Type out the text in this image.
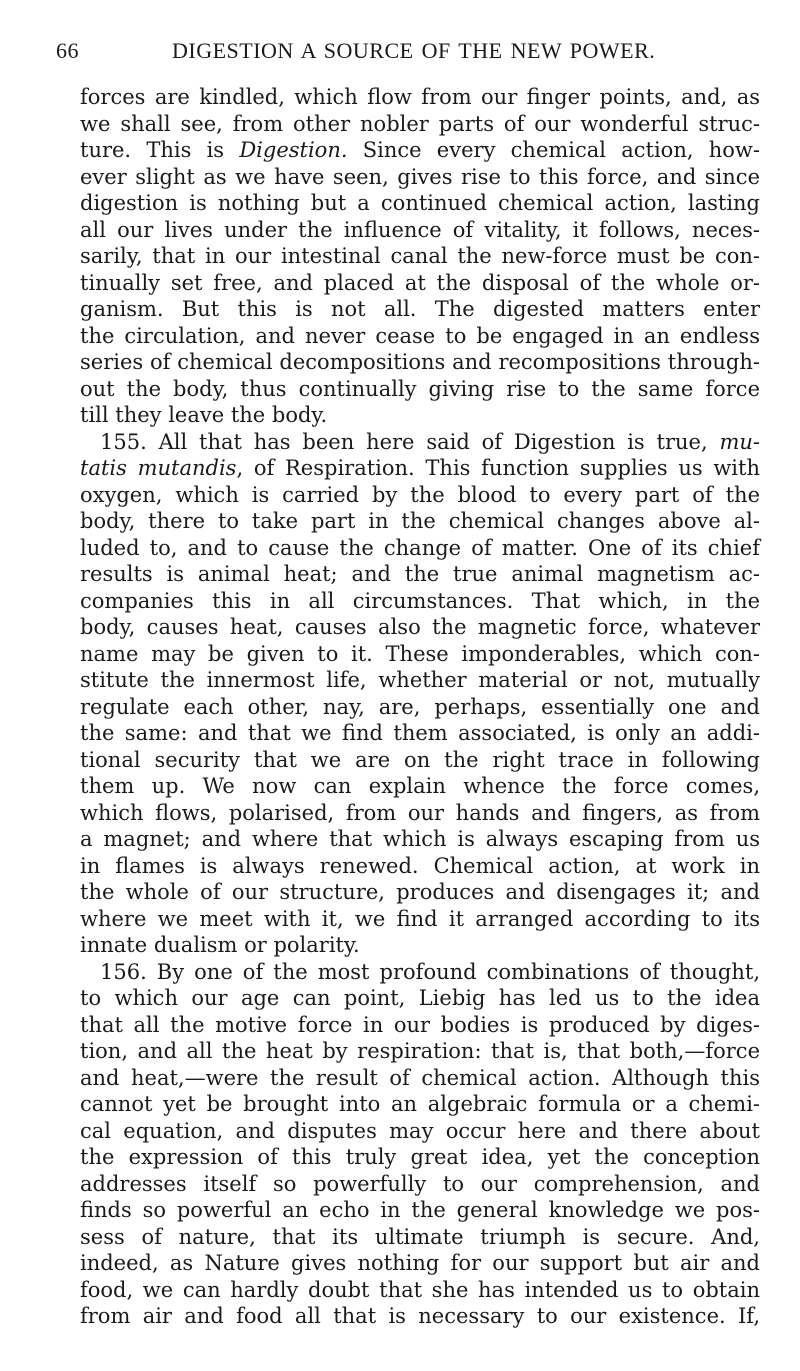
66	DIGESTION A SOURCE OF THE NEW POWER.
forces are kindled, which flow from our finger points, and, as
we shall see, from other nobler parts of our wonderful struc-
ture. This is Digestion. Since every chemical action, how-
ever slight as we have seen, gives rise to this force, and since
digestion is nothing but a continued chemical action, lasting
all our lives under the influence of vitality, it follows, neces-
sarily, that in our intestinal canal the new-force must be con-
tinually set free, and placed at the disposal of the whole or-
ganism. But this is not all. The digested matters enter
the circulation, and never cease to be engaged in an endless
series of chemical decompositions and recompositions through-
out the body, thus continually giving rise to the same force
till they leave the body.
155. All that has been here said of Digestion is true, mu-
tatis mutandis, of Respiration. This function supplies us with
oxygen, which is carried by the blood to every part of the
body, there to take part in the chemical changes above al-
luded to, and to cause the change of matter. One of its chief
results is animal heat; and the true animal magnetism ac-
companies this in all circumstances. That which, in the
body, causes heat, causes also the magnetic force, whatever
name may be given to it. These imponderables, which con-
stitute the innermost life, whether material or not, mutually
regulate each other, nay, are, perhaps, essentially one and
the same: and that we find them associated, is only an addi-
tional security that we are on the right trace in following
them up. We now can explain whence the force comes,
which flows, polarised, from our hands and fingers, as from
a magnet; and where that which is always escaping from us
in flames is always renewed. Chemical action, at work in
the whole of our structure, produces and disengages it; and
where we meet with it, we find it arranged according to its
innate dualism or polarity.
156. By one of the most profound combinations of thought,
to which our age can point, Liebig has led us to the idea
that all the motive force in our bodies is produced by diges-
tion, and all the heat by respiration: that is, that both,—force
and heat,—were the result of chemical action. Although this
cannot yet be brought into an algebraic formula or a chemi-
cal equation, and disputes may occur here and there about
the expression of this truly great idea, yet the conception
addresses itself so powerfully to our comprehension, and
finds so powerful an echo in the general knowledge we pos-
sess of nature, that its ultimate triumph is secure. And,
indeed, as Nature gives nothing for our support but air and
food, we can hardly doubt that she has intended us to obtain
from air and food all that is necessary to our existence. If,
